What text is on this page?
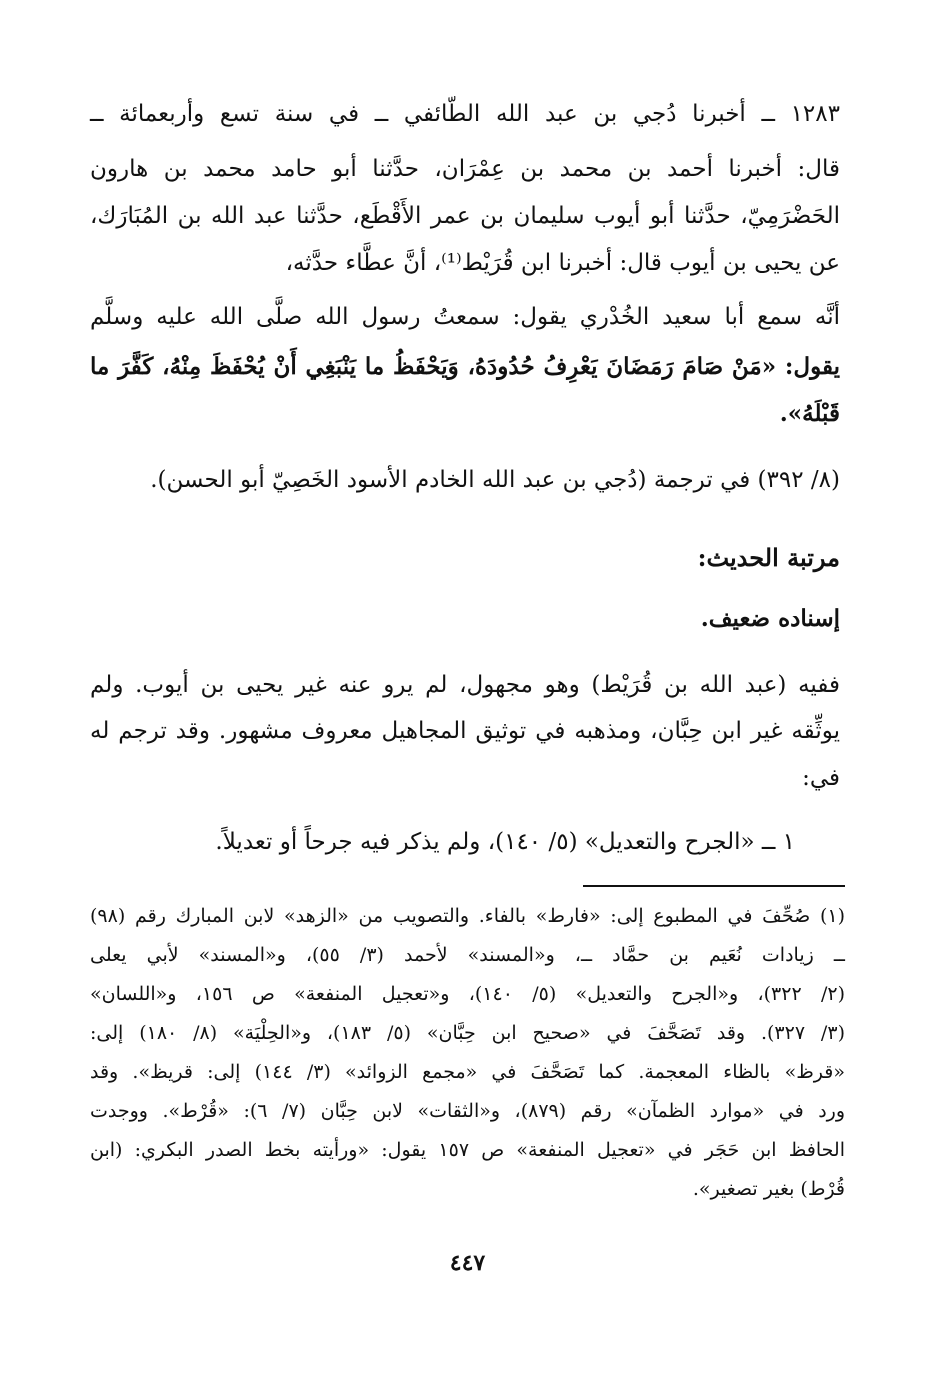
١٢٨٣ ــ أخبرنا دُجي بن عبد الله الطّائفي ــ في سنة تسع وأربعمائة ــ
قال: أخبرنا أحمد بن محمد بن عِمْرَان، حدَّثنا أبو حامد محمد بن هارون
الحَضْرَمِيّ، حدَّثنا أبو أيوب سليمان بن عمر الأَقْطَع، حدَّثنا عبد الله بن المُبَارَك،
عن يحيى بن أيوب قال: أخبرنا ابن قُرَيْط⁽¹⁾، أنَّ عطَّاء حدَّثه،
أنَّه سمع أبا سعيد الخُدْري يقول: سمعتُ رسول الله صلَّى الله عليه وسلَّم
يقول: «مَنْ صَامَ رَمَضَانَ يَعْرِفُ حُدُودَهُ، وَيَحْفَظُ ما يَنْبَغِي أَنْ يُحْفَظَ مِنْهُ، كَفَّرَ ما
قَبْلَهُ».
(٨/ ٣٩٢) في ترجمة (دُجي بن عبد الله الخادم الأسود الخَصِيّ أبو الحسن).
مرتبة الحديث:
إسناده ضعيف.
ففيه (عبد الله بن قُرَيْط) وهو مجهول، لم يرو عنه غير يحيى بن أيوب. ولم
يوثِّقه غير ابن حِبَّان، ومذهبه في توثيق المجاهيل معروف مشهور. وقد ترجم له
في:
١ ــ «الجرح والتعديل» (٥/ ١٤٠)، ولم يذكر فيه جرحاً أو تعديلاً.
(١) صُحِّفَ في المطبوع إلى: «فارط» بالفاء. والتصويب من «الزهد» لابن المبارك رقم (٩٨)
ــ زيادات نُعَيم بن حمَّاد ــ، و«المسند» لأحمد (٣/ ٥٥)، و«المسند» لأبي يعلى
(٢/ ٣٢٢)، و«الجرح والتعديل» (٥/ ١٤٠)، و«تعجيل المنفعة» ص ١٥٦، و«اللسان»
(٣/ ٣٢٧). وقد تَصَحَّفَ في «صحيح ابن حِبَّان» (٥/ ١٨٣)، و«الحِلْيَة» (٨/ ١٨٠) إلى:
«قرظ» بالظاء المعجمة. كما تَصَحَّفَ في «مجمع الزوائد» (٣/ ١٤٤) إلى: قريظ». وقد
ورد في «موارد الظمآن» رقم (٨٧٩)، و«الثقات» لابن حِبَّان (٧/ ٦): «قُرْط». ووجدت
الحافظ ابن حَجَر في «تعجيل المنفعة» ص ١٥٧ يقول: «ورأيته بخط الصدر البكري: (ابن
قُرْط) بغير تصغير».
٤٤٧
